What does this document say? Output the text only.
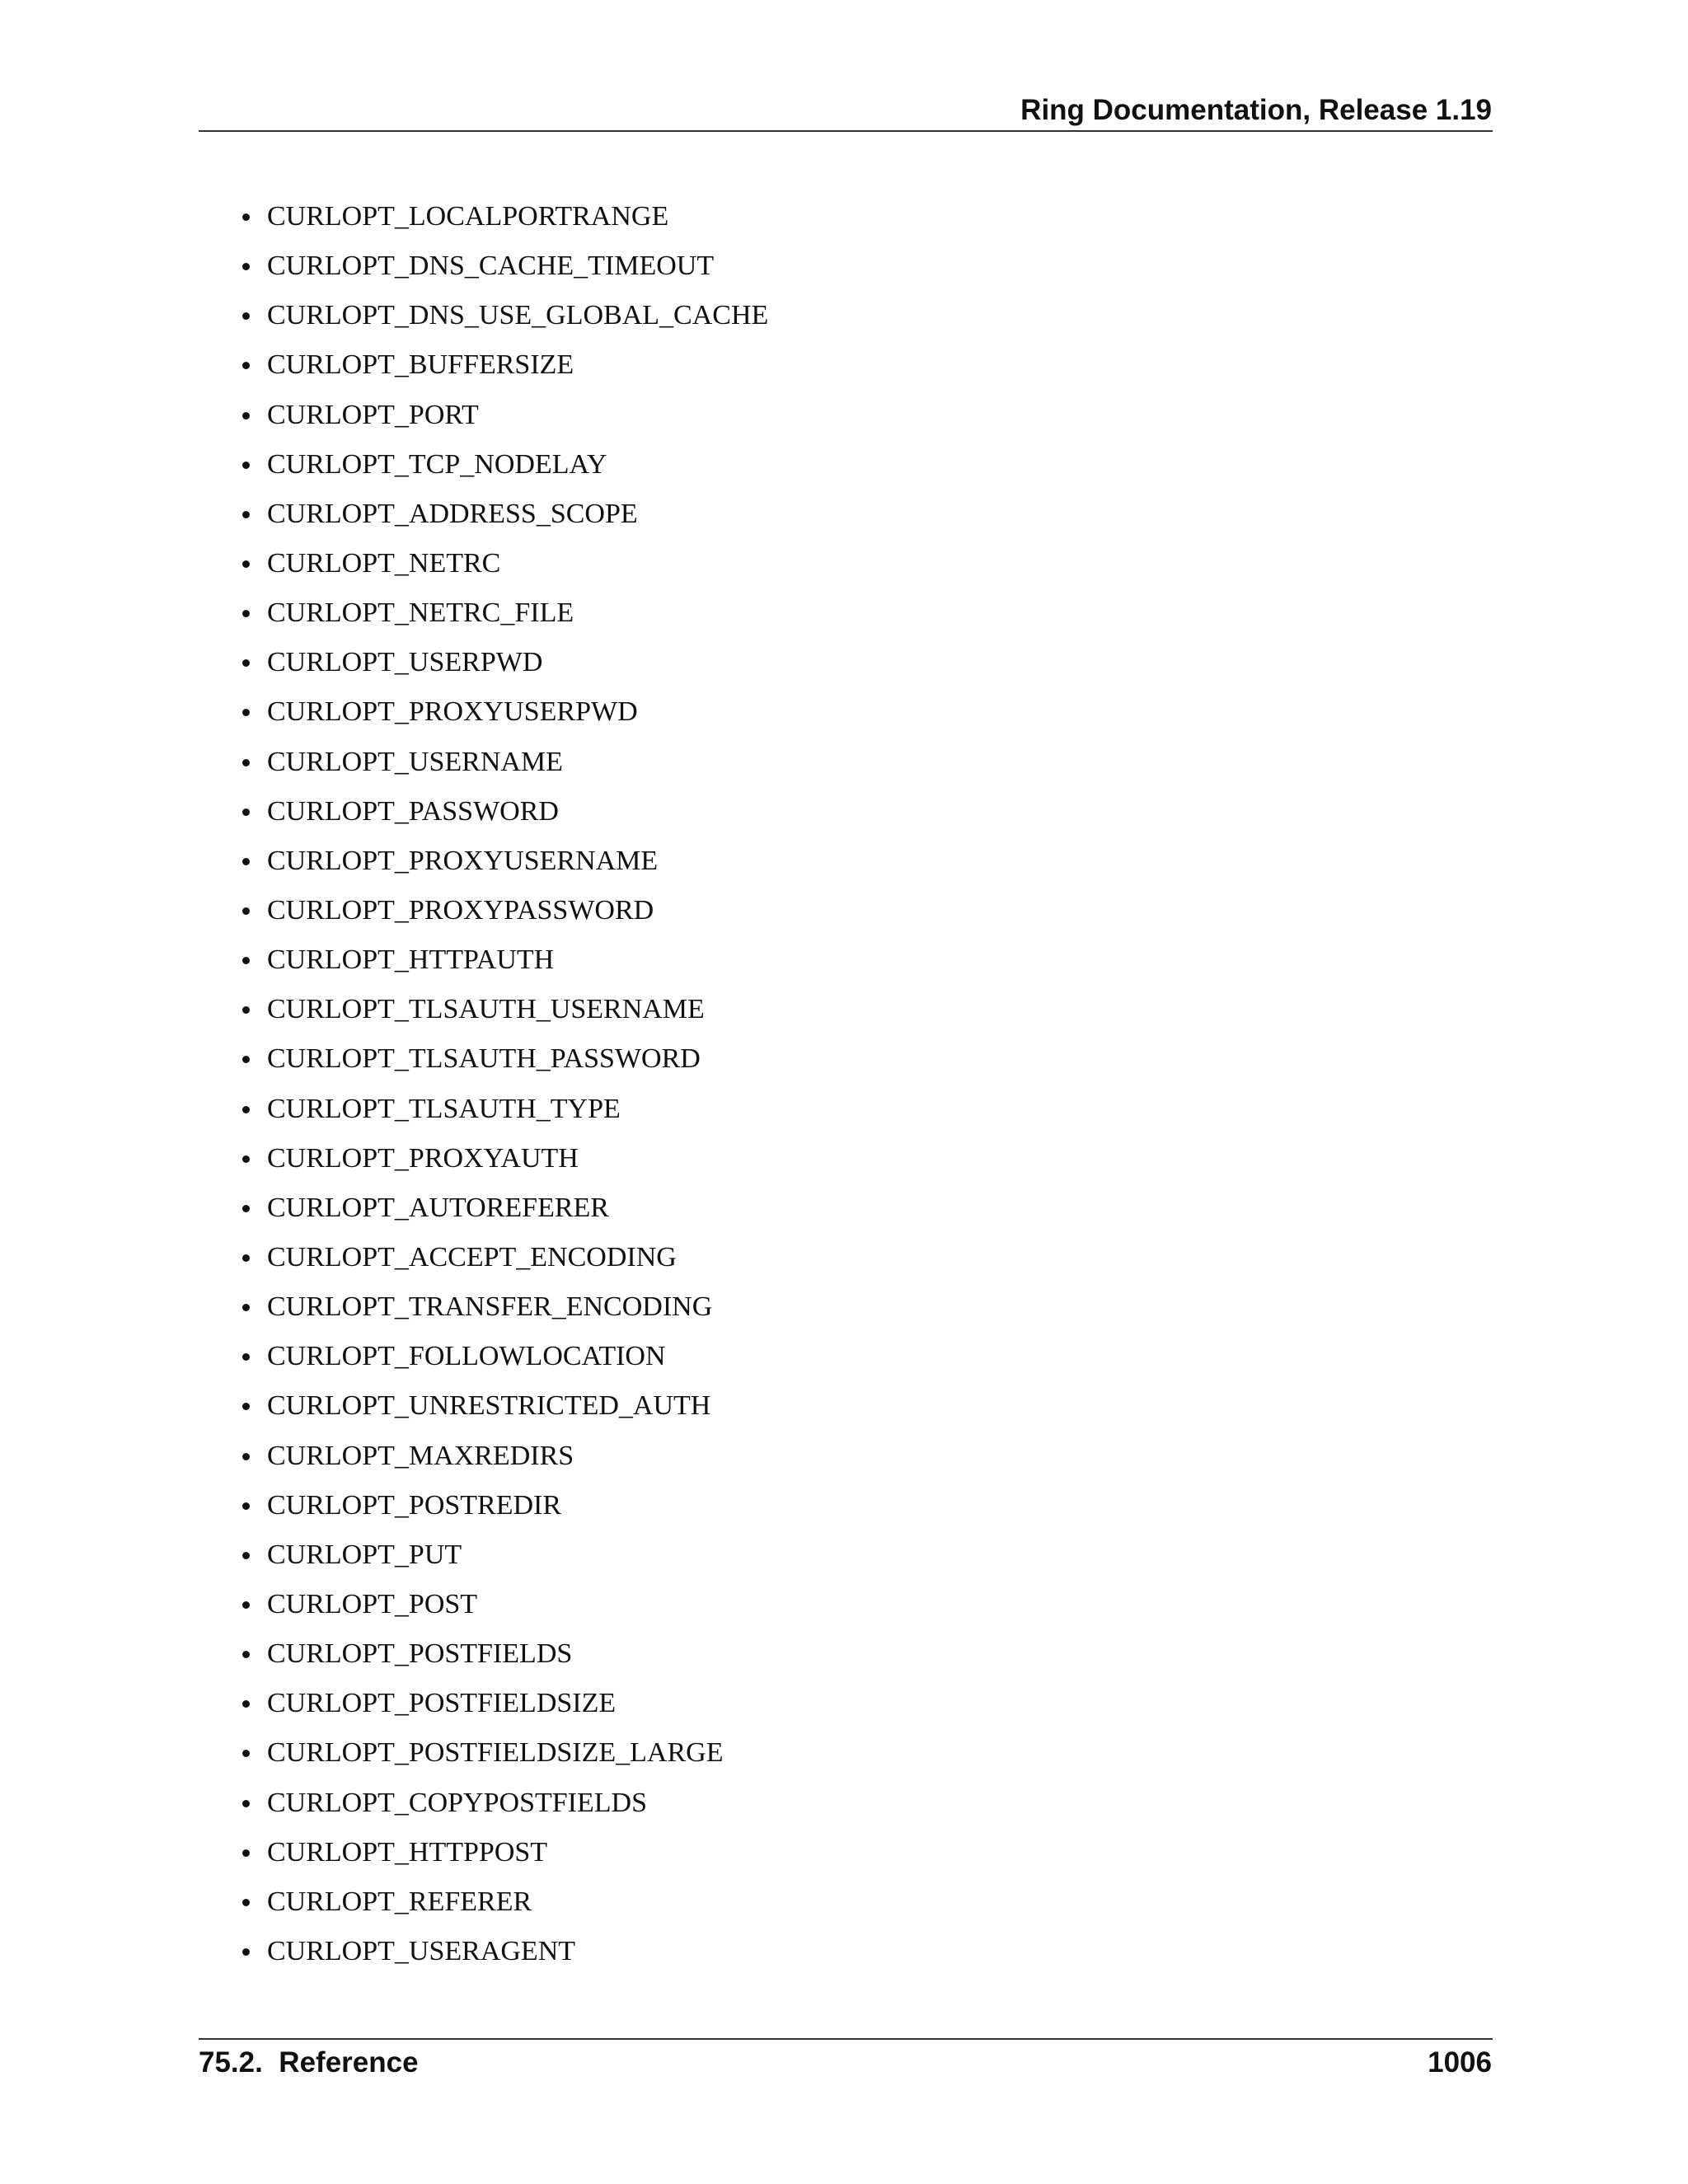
Ring Documentation, Release 1.19
CURLOPT_LOCALPORTRANGE
CURLOPT_DNS_CACHE_TIMEOUT
CURLOPT_DNS_USE_GLOBAL_CACHE
CURLOPT_BUFFERSIZE
CURLOPT_PORT
CURLOPT_TCP_NODELAY
CURLOPT_ADDRESS_SCOPE
CURLOPT_NETRC
CURLOPT_NETRC_FILE
CURLOPT_USERPWD
CURLOPT_PROXYUSERPWD
CURLOPT_USERNAME
CURLOPT_PASSWORD
CURLOPT_PROXYUSERNAME
CURLOPT_PROXYPASSWORD
CURLOPT_HTTPAUTH
CURLOPT_TLSAUTH_USERNAME
CURLOPT_TLSAUTH_PASSWORD
CURLOPT_TLSAUTH_TYPE
CURLOPT_PROXYAUTH
CURLOPT_AUTOREFERER
CURLOPT_ACCEPT_ENCODING
CURLOPT_TRANSFER_ENCODING
CURLOPT_FOLLOWLOCATION
CURLOPT_UNRESTRICTED_AUTH
CURLOPT_MAXREDIRS
CURLOPT_POSTREDIR
CURLOPT_PUT
CURLOPT_POST
CURLOPT_POSTFIELDS
CURLOPT_POSTFIELDSIZE
CURLOPT_POSTFIELDSIZE_LARGE
CURLOPT_COPYPOSTFIELDS
CURLOPT_HTTPPOST
CURLOPT_REFERER
CURLOPT_USERAGENT
75.2.  Reference	1006
